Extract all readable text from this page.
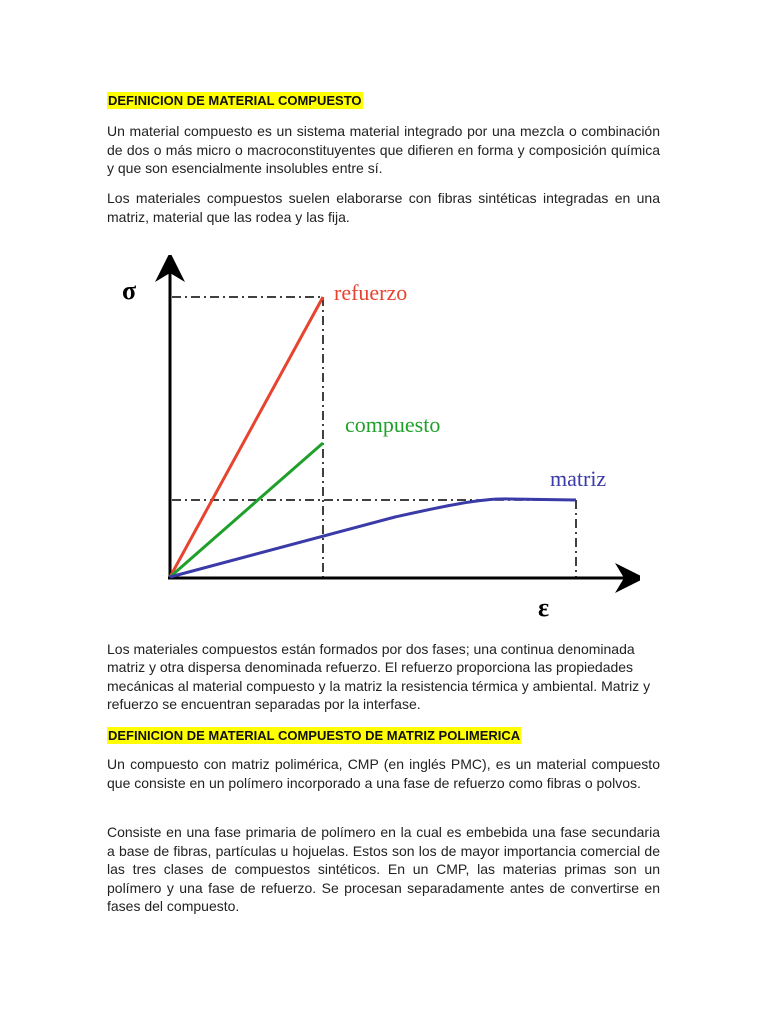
DEFINICION DE MATERIAL COMPUESTO

Un material compuesto es un sistema material integrado por una mezcla o combinación de dos o más micro o macroconstituyentes que difieren en forma y composición química y que son esencialmente insolubles entre sí.

Los materiales compuestos suelen elaborarse con fibras sintéticas integradas en una matriz, material que las rodea y las fija.

Los materiales compuestos están formados por dos fases; una continua denominada matriz y otra dispersa denominada refuerzo. El refuerzo proporciona las propiedades mecánicas al material compuesto y la matriz la resistencia térmica y ambiental. Matriz y refuerzo se encuentran separadas por la interfase.

DEFINICION DE MATERIAL COMPUESTO DE MATRIZ POLIMERICA

Un compuesto con matriz polimérica, CMP (en inglés PMC), es un material compuesto que consiste en un polímero incorporado a una fase de refuerzo como fibras o polvos.

Consiste en una fase primaria de polímero en la cual es embebida una fase secundaria a base de fibras, partículas u hojuelas. Estos son los de mayor importancia comercial de las tres clases de compuestos sintéticos. En un CMP, las materias primas son un polímero y una fase de refuerzo. Se procesan separadamente antes de convertirse en fases del compuesto.

σ
ε
refuerzo
compuesto
matriz
